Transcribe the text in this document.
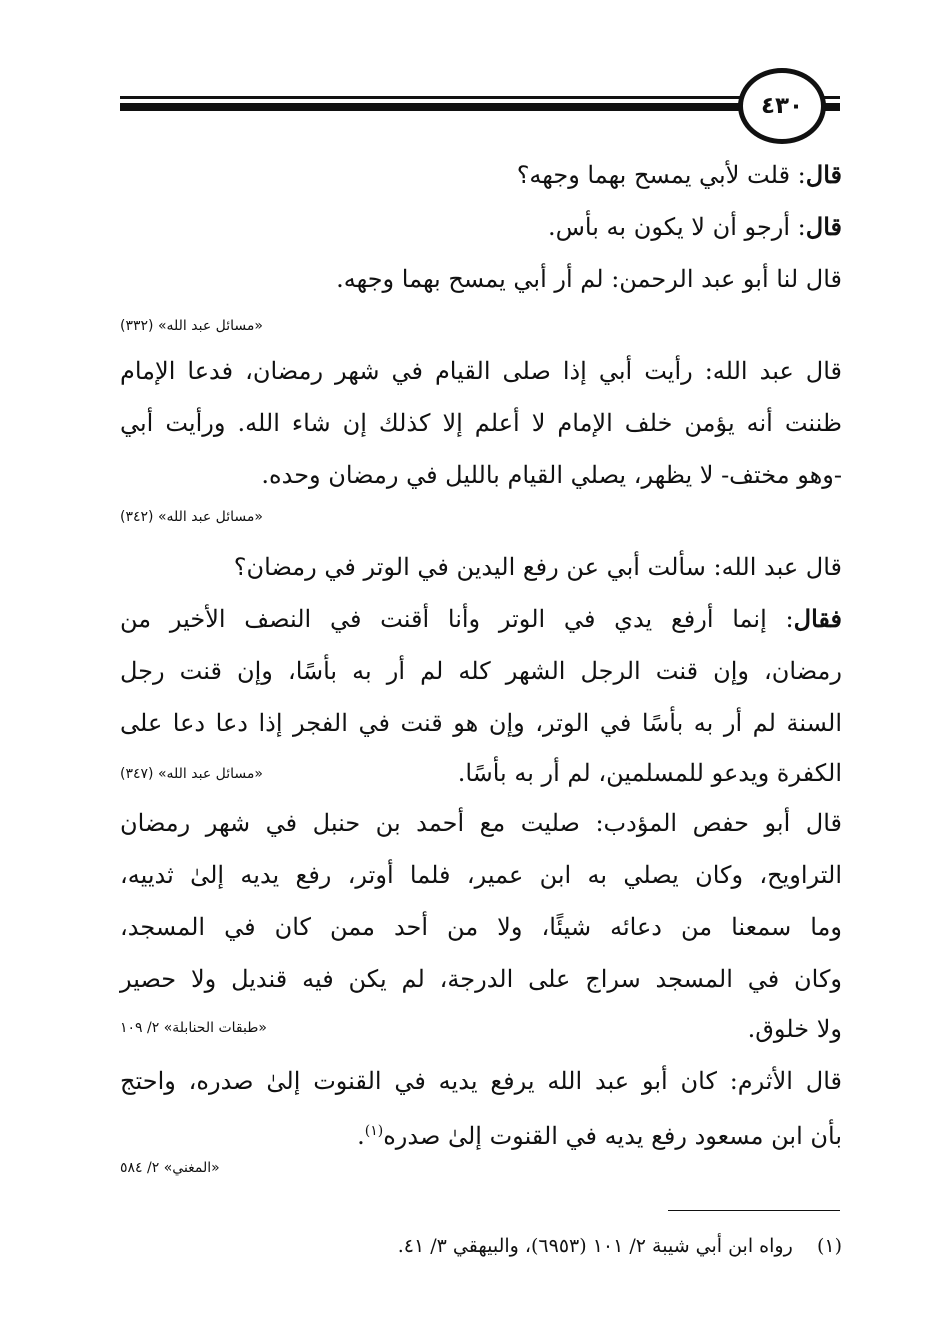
٤٣٠
قال: قلت لأبي يمسح بهما وجهه؟
قال: أرجو أن لا يكون به بأس.
قال لنا أبو عبد الرحمن: لم أر أبي يمسح بهما وجهه.
«مسائل عبد الله» (٣٣٢)
قال عبد الله: رأيت أبي إذا صلى القيام في شهر رمضان، فدعا الإمام
ظننت أنه يؤمن خلف الإمام لا أعلم إلا كذلك إن شاء الله. ورأيت أبي
-وهو مختف- لا يظهر، يصلي القيام بالليل في رمضان وحده.
«مسائل عبد الله» (٣٤٢)
قال عبد الله: سألت أبي عن رفع اليدين في الوتر في رمضان؟
فقال: إنما أرفع يدي في الوتر وأنا أقنت في النصف الأخير من
رمضان، وإن قنت الرجل الشهر كله لم أر به بأسًا، وإن قنت رجل
السنة لم أر به بأسًا في الوتر، وإن هو قنت في الفجر إذا دعا دعا على
الكفرة ويدعو للمسلمين، لم أر به بأسًا.
«مسائل عبد الله» (٣٤٧)
قال أبو حفص المؤدب: صليت مع أحمد بن حنبل في شهر رمضان
التراويح، وكان يصلي به ابن عمير، فلما أوتر، رفع يديه إلىٰ ثدييه،
وما سمعنا من دعائه شيئًا، ولا من أحد ممن كان في المسجد،
وكان في المسجد سراج على الدرجة، لم يكن فيه قنديل ولا حصير
ولا خلوق.
«طبقات الحنابلة» ٢/ ١٠٩
قال الأثرم: كان أبو عبد الله يرفع يديه في القنوت إلىٰ صدره، واحتج
بأن ابن مسعود رفع يديه في القنوت إلىٰ صدره$^{(١)}$.
«المغني» ٢/ ٥٨٤
(١)    رواه ابن أبي شيبة ٢/ ١٠١ (٦٩٥٣)، والبيهقي ٣/ ٤١.
